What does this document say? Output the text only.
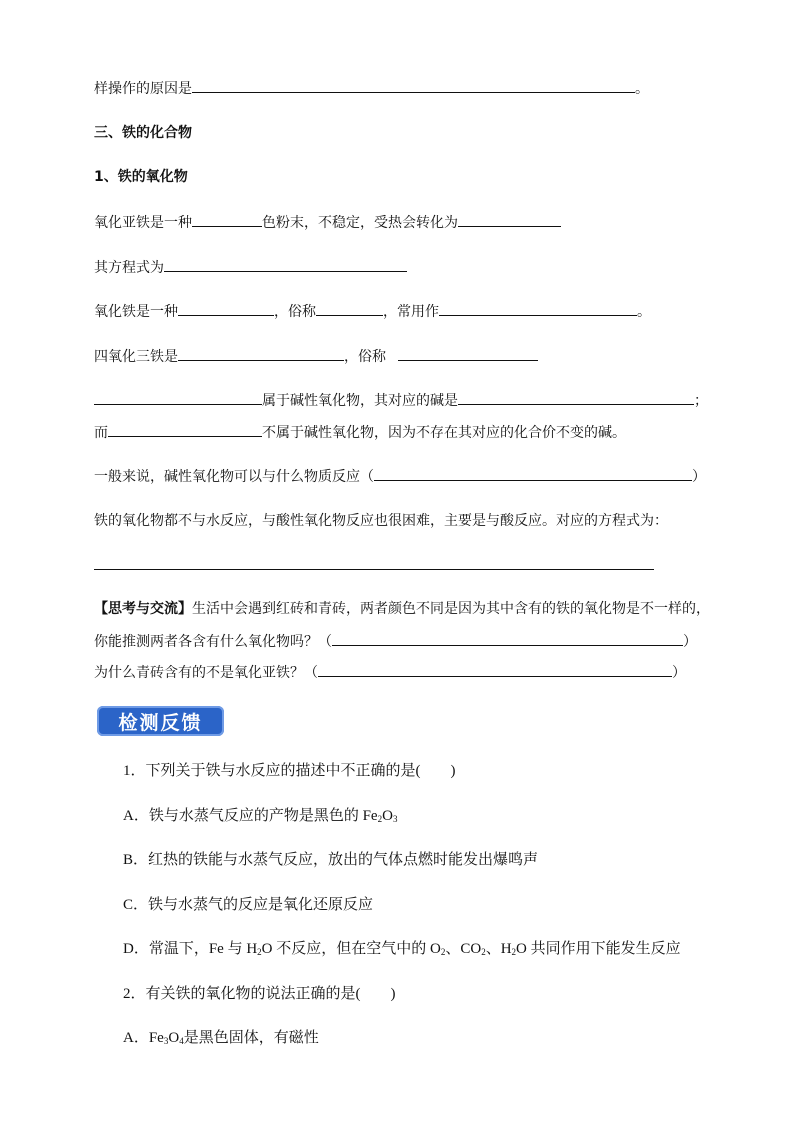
样操作的原因是	。
三、铁的化合物
1、铁的氧化物
氧化亚铁是一种	色粉末，不稳定，受热会转化为
其方程式为
氧化铁是一种	，俗称	，常用作	。
四氧化三铁是	，俗称
属于碱性氧化物，其对应的碱是	；
而	不属于碱性氧化物，因为不存在其对应的化合价不变的碱。
一般来说，碱性氧化物可以与什么物质反应（	）
铁的氧化物都不与水反应，与酸性氧化物反应也很困难，主要是与酸反应。对应的方程式为：
【思考与交流】生活中会遇到红砖和青砖，两者颜色不同是因为其中含有的铁的氧化物是不一样的，
你能推测两者各含有什么氧化物吗？（	）
为什么青砖含有的不是氧化亚铁？（	）
检测反馈
1．下列关于铁与水反应的描述中不正确的是(　　)
A．铁与水蒸气反应的产物是黑色的 $Fe_2O_3$
B．红热的铁能与水蒸气反应，放出的气体点燃时能发出爆鸣声
C．铁与水蒸气的反应是氧化还原反应
D．常温下，Fe 与 $H_2O$ 不反应，但在空气中的 $O_2$、$CO_2$、$H_2O$ 共同作用下能发生反应
2．有关铁的氧化物的说法正确的是(　　)
A．$Fe_3O_4$是黑色固体，有磁性
